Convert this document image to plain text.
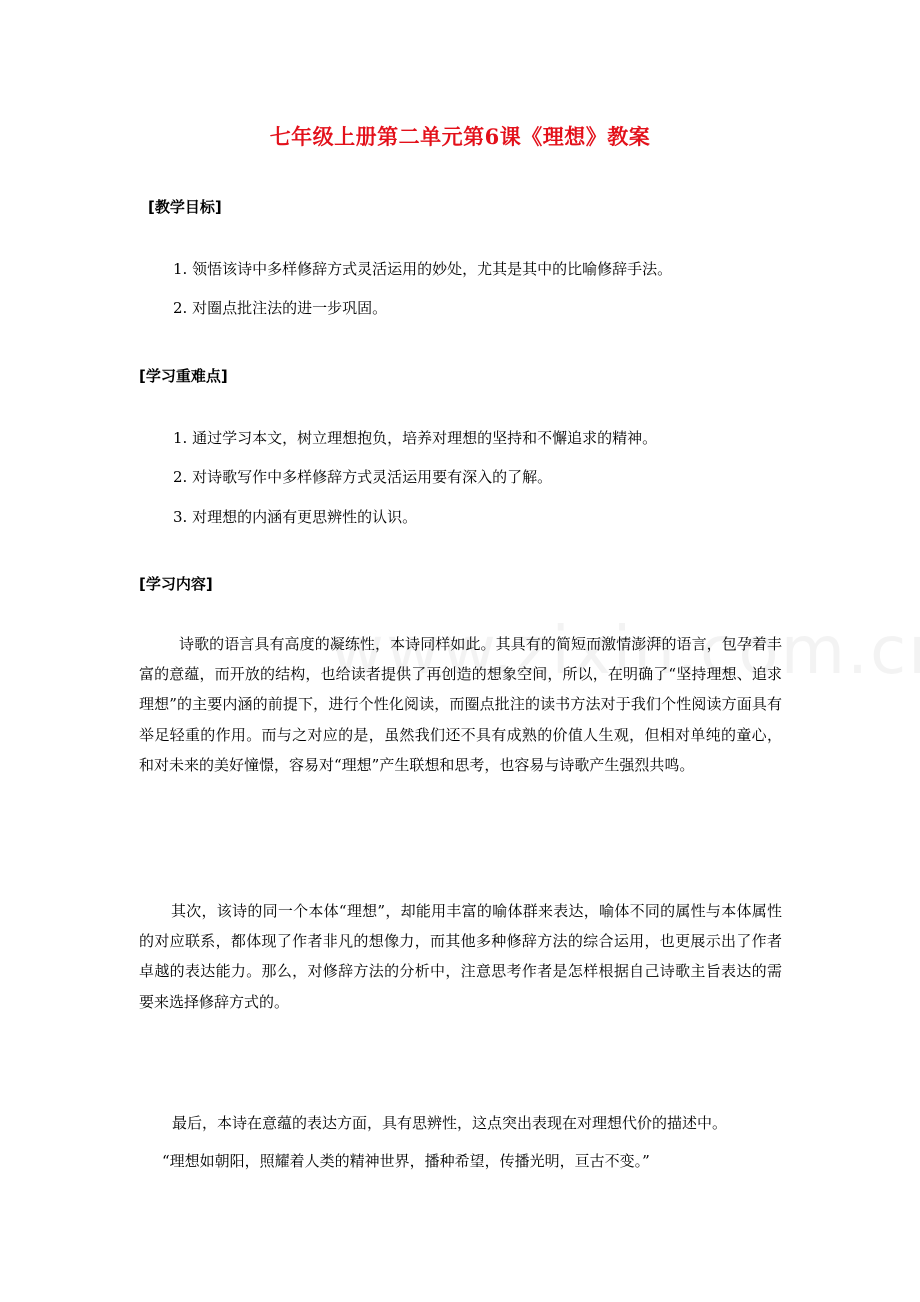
七年级上册第二单元第6课《理想》教案
[教学目标]
1. 领悟该诗中多样修辞方式灵活运用的妙处，尤其是其中的比喻修辞手法。
2. 对圈点批注法的进一步巩固。
[学习重难点]
1. 通过学习本文，树立理想抱负，培养对理想的坚持和不懈追求的精神。
2. 对诗歌写作中多样修辞方式灵活运用要有深入的了解。
3. 对理想的内涵有更思辨性的认识。
[学习内容]

诗歌的语言具有高度的凝练性，本诗同样如此。其具有的简短而激情澎湃的语言，包孕着丰富的意蕴，而开放的结构，也给读者提供了再创造的想象空间，所以，在明确了“坚持理想、追求理想”的主要内涵的前提下，进行个性化阅读，而圈点批注的读书方法对于我们个性阅读方面具有举足轻重的作用。而与之对应的是，虽然我们还不具有成熟的价值人生观，但相对单纯的童心，和对未来的美好憧憬，容易对“理想”产生联想和思考，也容易与诗歌产生强烈共鸣。

其次，该诗的同一个本体“理想”，却能用丰富的喻体群来表达，喻体不同的属性与本体属性的对应联系，都体现了作者非凡的想像力，而其他多种修辞方法的综合运用，也更展示出了作者卓越的表达能力。那么，对修辞方法的分析中，注意思考作者是怎样根据自己诗歌主旨表达的需要来选择修辞方式的。

最后，本诗在意蕴的表达方面，具有思辨性，这点突出表现在对理想代价的描述中。
“理想如朝阳，照耀着人类的精神世界，播种希望，传播光明，亘古不变。”
